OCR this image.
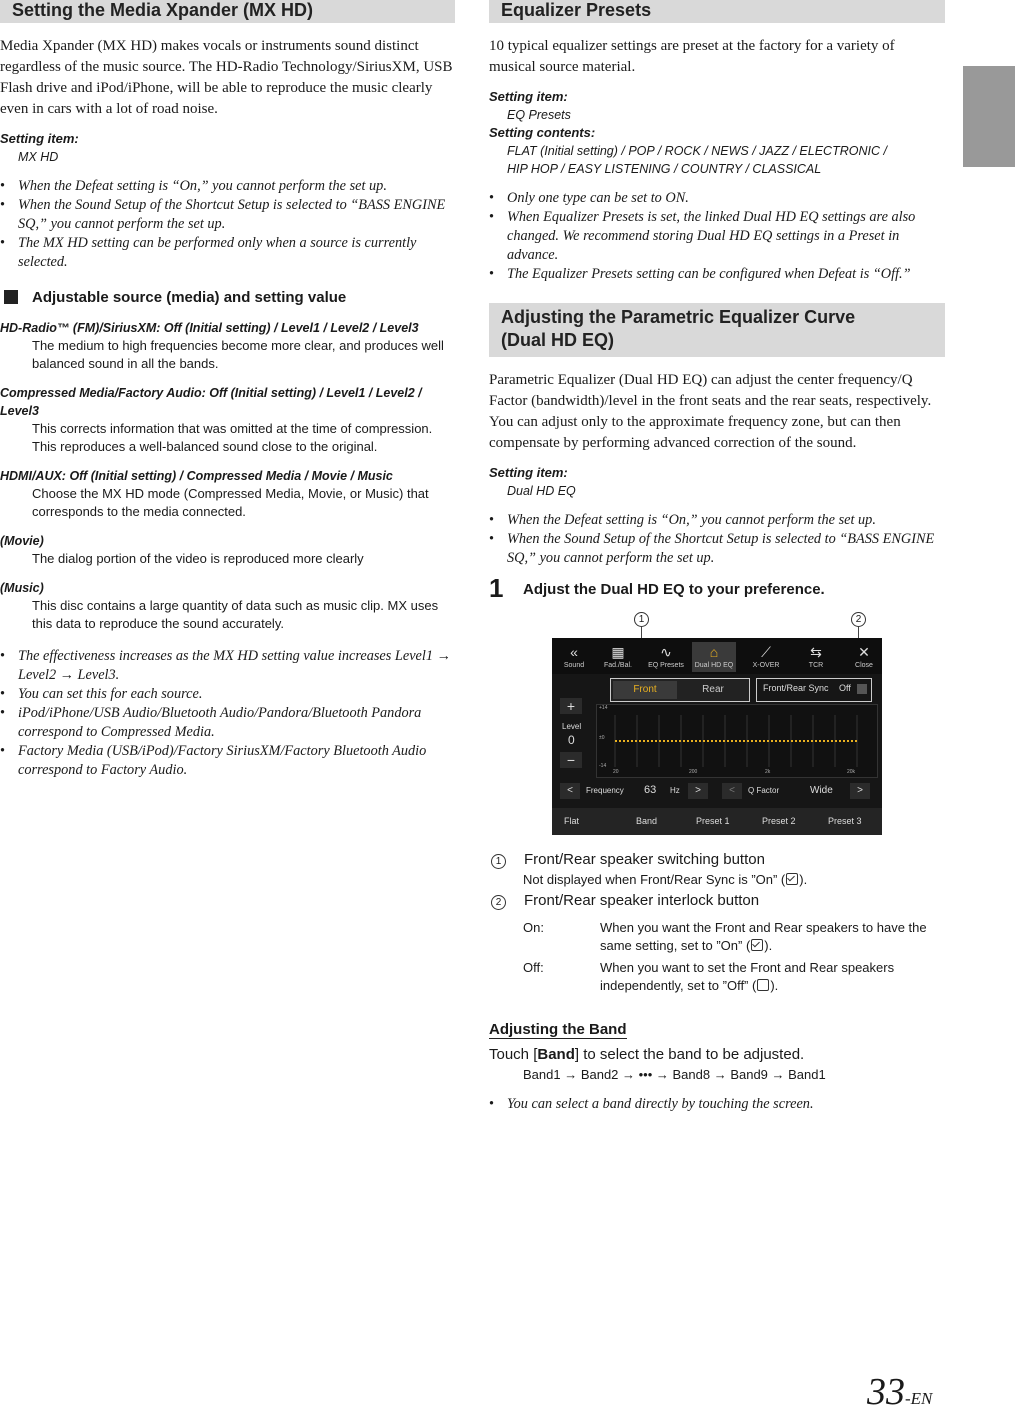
Setting the Media Xpander (MX HD)

Media Xpander (MX HD) makes vocals or instruments sound distinct regardless of the music source. The HD-Radio Technology/SiriusXM, USB Flash drive and iPod/iPhone, will be able to reproduce the music clearly even in cars with a lot of road noise.

Setting item:

MX HD

• When the Defeat setting is “On,” you cannot perform the set up.
• When the Sound Setup of the Shortcut Setup is selected to “BASS ENGINE SQ,” you cannot perform the set up.
• The MX HD setting can be performed only when a source is currently selected.

Adjustable source (media) and setting value

HD-Radio™ (FM)/SiriusXM: Off (Initial setting) / Level1 / Level2 / Level3

The medium to high frequencies become more clear, and produces well balanced sound in all the bands.

Compressed Media/Factory Audio: Off (Initial setting) / Level1 / Level2 / Level3

This corrects information that was omitted at the time of compression. This reproduces a well-balanced sound close to the original.

HDMI/AUX: Off (Initial setting) / Compressed Media / Movie / Music

Choose the MX HD mode (Compressed Media, Movie, or Music) that corresponds to the media connected.

(Movie)

The dialog portion of the video is reproduced more clearly

(Music)

This disc contains a large quantity of data such as music clip. MX uses this data to reproduce the sound accurately.

• The effectiveness increases as the MX HD setting value increases Level1 → Level2 → Level3.
• You can set this for each source.
• iPod/iPhone/USB Audio/Bluetooth Audio/Pandora/Bluetooth Pandora correspond to Compressed Media.
• Factory Media (USB/iPod)/Factory SiriusXM/Factory Bluetooth Audio correspond to Factory Audio.
Equalizer Presets

10 typical equalizer settings are preset at the factory for a variety of musical source material.

Setting item:

EQ Presets

Setting contents:

FLAT (Initial setting) / POP / ROCK / NEWS / JAZZ / ELECTRONIC /

HIP HOP / EASY LISTENING / COUNTRY / CLASSICAL

• Only one type can be set to ON.
• When Equalizer Presets is set, the linked Dual HD EQ settings are also changed. We recommend storing Dual HD EQ settings in a Preset in advance.
• The Equalizer Presets setting can be configured when Defeat is “Off.”
Adjusting the Parametric Equalizer Curve
(Dual HD EQ)

Parametric Equalizer (Dual HD EQ) can adjust the center frequency/Q Factor (bandwidth)/level in the front seats and the rear seats, respectively.

You can adjust only to the approximate frequency zone, but can then compensate by performing advanced correction of the sound.

Setting item:

Dual HD EQ

• When the Defeat setting is “On,” you cannot perform the set up.
• When the Sound Setup of the Shortcut Setup is selected to “BASS ENGINE SQ,” you cannot perform the set up.
1 Adjust the Dual HD EQ to your preference.
1	2
«
Sound
▦
Fad./Bal.
∿
EQ Presets
⌂
Dual HD EQ
⟋
X-OVER
⇆
TCR
✕
Close
Front	Rear	Front/Rear Sync Off
+
Level
0
−
+14
±0
-14
20	200	2k	20k
<	Frequency 63 Hz	>	<	Q Factor	Wide	>
Flat	Band	Preset 1	Preset 2	Preset 3
1 Front/Rear speaker switching button
Not displayed when Front/Rear Sync is ”On” ( ).
2 Front/Rear speaker interlock button
On:	When you want the Front and Rear speakers to have the same setting, set to ”On” ( ).
Off:	When you want to set the Front and Rear speakers independently, set to ”Off” ( ).

Adjusting the Band

Touch [Band] to select the band to be adjusted.

Band1 → Band2 → ••• → Band8 → Band9 → Band1

• You can select a band directly by touching the screen.
33-EN
